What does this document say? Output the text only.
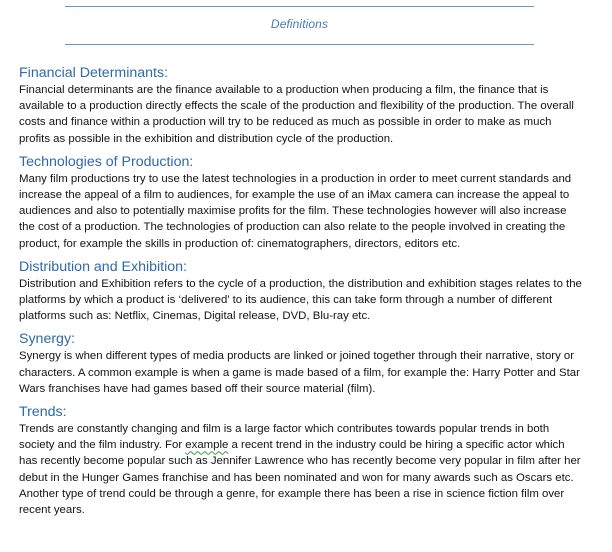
Definitions
Financial Determinants:

Financial determinants are the finance available to a production when producing a film, the finance that is available to a production directly effects the scale of the production and flexibility of the production. The overall costs and finance within a production will try to be reduced as much as possible in order to make as much profits as possible in the exhibition and distribution cycle of the production.

Technologies of Production:

Many film productions try to use the latest technologies in a production in order to meet current standards and increase the appeal of a film to audiences, for example the use of an iMax camera can increase the appeal to audiences and also to potentially maximise profits for the film. These technologies however will also increase the cost of a production. The technologies of production can also relate to the people involved in creating the product, for example the skills in production of: cinematographers, directors, editors etc.

Distribution and Exhibition:

Distribution and Exhibition refers to the cycle of a production, the distribution and exhibition stages relates to the platforms by which a product is ‘delivered’ to its audience, this can take form through a number of different platforms such as: Netflix, Cinemas, Digital release, DVD, Blu-ray etc.

Synergy:

Synergy is when different types of media products are linked or joined together through their narrative, story or characters. A common example is when a game is made based of a film, for example the: Harry Potter and Star Wars franchises have had games based off their source material (film).

Trends:

Trends are constantly changing and film is a large factor which contributes towards popular trends in both society and the film industry. For example a recent trend in the industry could be hiring a specific actor which has recently become popular such as Jennifer Lawrence who has recently become very popular in film after her debut in the Hunger Games franchise and has been nominated and won for many awards such as Oscars etc. Another type of trend could be through a genre, for example there has been a rise in science fiction film over recent years.
